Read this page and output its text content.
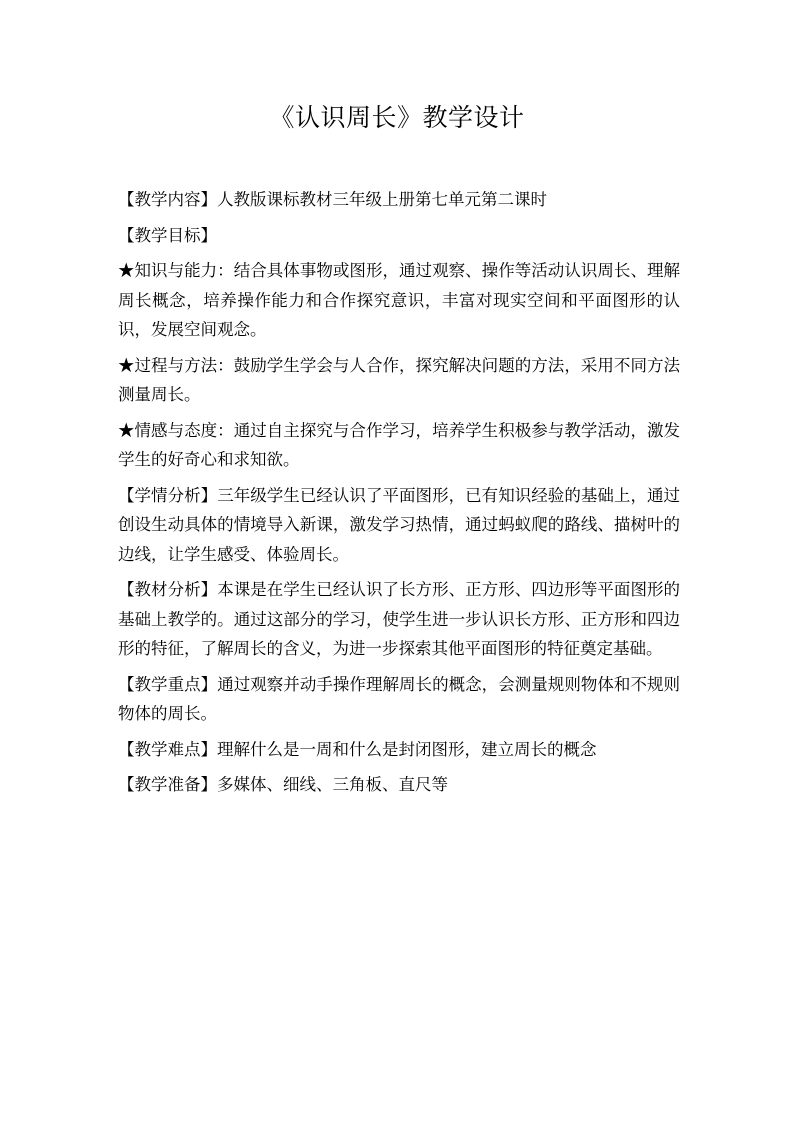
《认识周长》教学设计

【教学内容】人教版课标教材三年级上册第七单元第二课时

【教学目标】

★知识与能力：结合具体事物或图形，通过观察、操作等活动认识周长、理解周长概念，培养操作能力和合作探究意识，丰富对现实空间和平面图形的认识，发展空间观念。

★过程与方法：鼓励学生学会与人合作，探究解决问题的方法，采用不同方法测量周长。

★情感与态度：通过自主探究与合作学习，培养学生积极参与教学活动，激发学生的好奇心和求知欲。

【学情分析】三年级学生已经认识了平面图形，已有知识经验的基础上，通过创设生动具体的情境导入新课，激发学习热情，通过蚂蚁爬的路线、描树叶的边线，让学生感受、体验周长。

【教材分析】本课是在学生已经认识了长方形、正方形、四边形等平面图形的基础上教学的。通过这部分的学习，使学生进一步认识长方形、正方形和四边形的特征，了解周长的含义，为进一步探索其他平面图形的特征奠定基础。

【教学重点】通过观察并动手操作理解周长的概念，会测量规则物体和不规则物体的周长。

【教学难点】理解什么是一周和什么是封闭图形，建立周长的概念

【教学准备】多媒体、细线、三角板、直尺等
